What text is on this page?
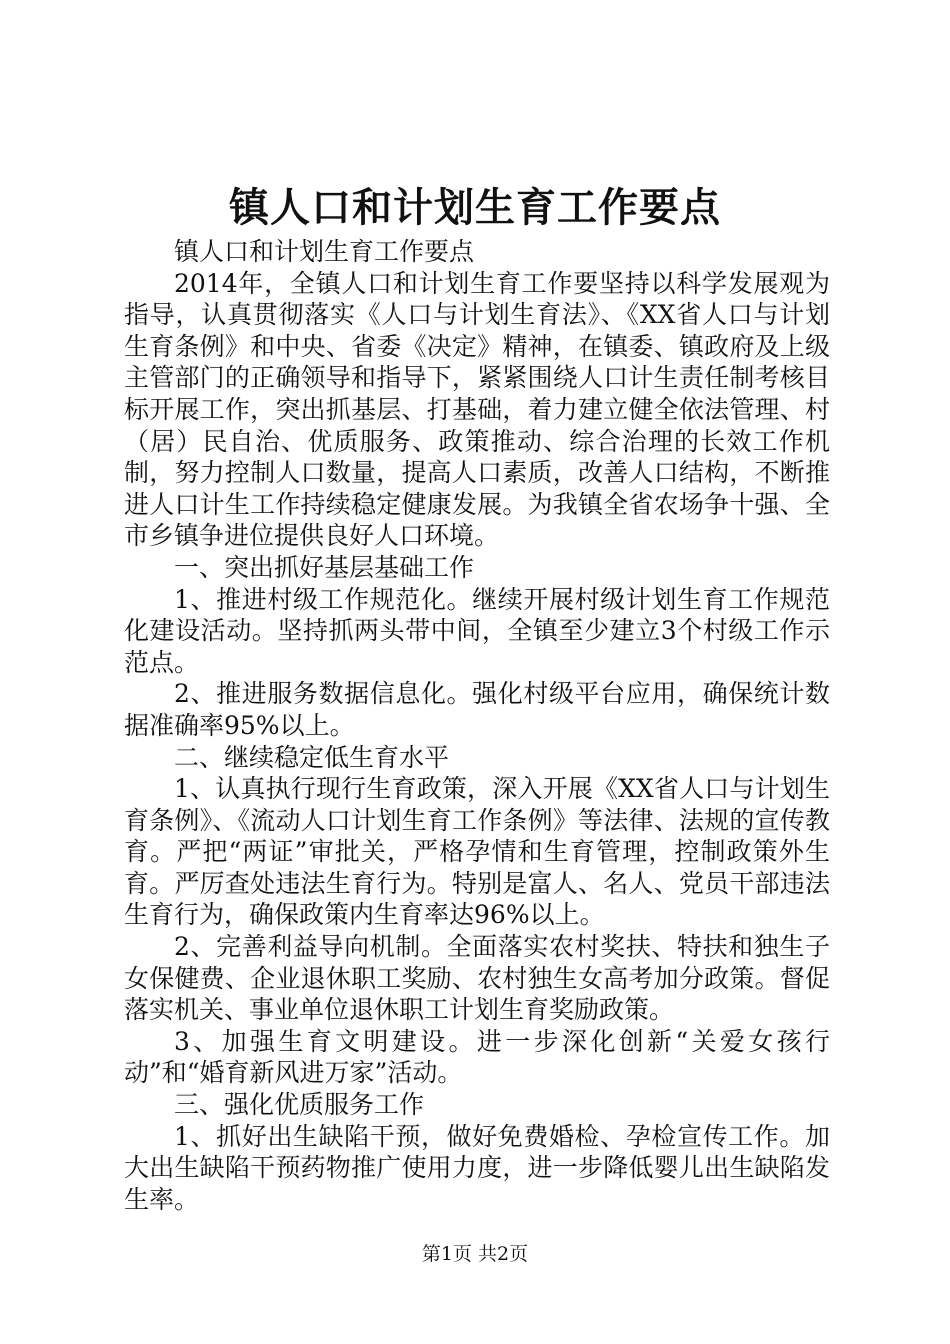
镇人口和计划生育工作要点

镇人口和计划生育工作要点

2014年，全镇人口和计划生育工作要坚持以科学发展观为指导，认真贯彻落实《人口与计划生育法》、《XX省人口与计划生育条例》和中央、省委《决定》精神，在镇委、镇政府及上级主管部门的正确领导和指导下，紧紧围绕人口计生责任制考核目标开展工作，突出抓基层、打基础，着力建立健全依法管理、村（居）民自治、优质服务、政策推动、综合治理的长效工作机制，努力控制人口数量，提高人口素质，改善人口结构，不断推进人口计生工作持续稳定健康发展。为我镇全省农场争十强、全市乡镇争进位提供良好人口环境。

一、突出抓好基层基础工作

1、推进村级工作规范化。继续开展村级计划生育工作规范化建设活动。坚持抓两头带中间，全镇至少建立3个村级工作示范点。

2、推进服务数据信息化。强化村级平台应用，确保统计数据准确率95%以上。

二、继续稳定低生育水平

1、认真执行现行生育政策，深入开展《XX省人口与计划生育条例》、《流动人口计划生育工作条例》等法律、法规的宣传教育。严把“两证”审批关，严格孕情和生育管理，控制政策外生育。严厉查处违法生育行为。特别是富人、名人、党员干部违法生育行为，确保政策内生育率达96%以上。

2、完善利益导向机制。全面落实农村奖扶、特扶和独生子女保健费、企业退休职工奖励、农村独生女高考加分政策。督促落实机关、事业单位退休职工计划生育奖励政策。

3、加强生育文明建设。进一步深化创新“关爱女孩行动”和“婚育新风进万家”活动。

三、强化优质服务工作

1、抓好出生缺陷干预，做好免费婚检、孕检宣传工作。加大出生缺陷干预药物推广使用力度，进一步降低婴儿出生缺陷发生率。

第1页 共2页
